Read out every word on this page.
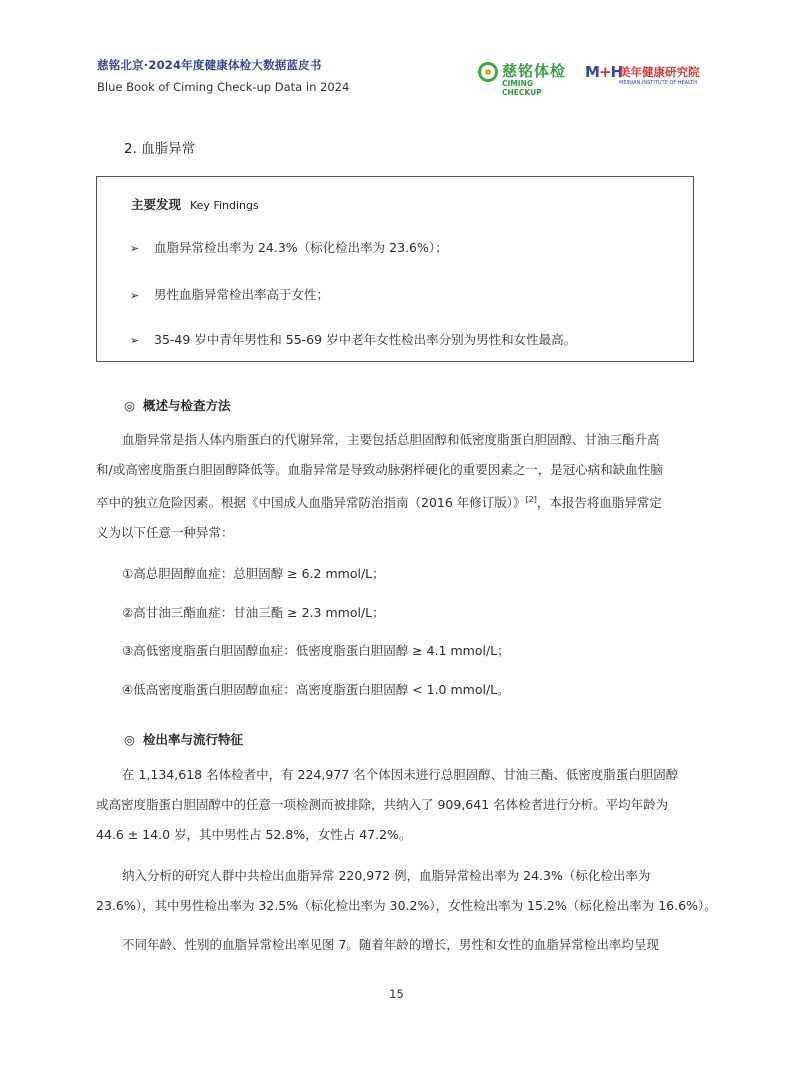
慈铭北京·2024年度健康体检大数据蓝皮书
Blue Book of Ciming Check-up Data in 2024
慈铭体检
CIMING CHECKUP
M+H
美年健康研究院
MEINIAN INSTITUTE OF HEALTH
2. 血脂异常
主要发现 Key Findings
➢ 血脂异常检出率为 24.3%（标化检出率为 23.6%）；
➢ 男性血脂异常检出率高于女性；
➢ 35-49 岁中青年男性和 55-69 岁中老年女性检出率分别为男性和女性最高。
◎ 概述与检查方法
血脂异常是指人体内脂蛋白的代谢异常，主要包括总胆固醇和低密度脂蛋白胆固醇、甘油三酯升高
和/或高密度脂蛋白胆固醇降低等。血脂异常是导致动脉粥样硬化的重要因素之一，是冠心病和缺血性脑
卒中的独立危险因素。根据《中国成人血脂异常防治指南（2016 年修订版）》[2]，本报告将血脂异常定
义为以下任意一种异常：
①高总胆固醇血症：总胆固醇 ≥ 6.2 mmol/L；
②高甘油三酯血症：甘油三酯 ≥ 2.3 mmol/L；
③高低密度脂蛋白胆固醇血症：低密度脂蛋白胆固醇 ≥ 4.1 mmol/L；
④低高密度脂蛋白胆固醇血症：高密度脂蛋白胆固醇 < 1.0 mmol/L。
◎ 检出率与流行特征
在 1,134,618 名体检者中，有 224,977 名个体因未进行总胆固醇、甘油三酯、低密度脂蛋白胆固醇
或高密度脂蛋白胆固醇中的任意一项检测而被排除，共纳入了 909,641 名体检者进行分析。平均年龄为
44.6 ± 14.0 岁，其中男性占 52.8%，女性占 47.2%。
纳入分析的研究人群中共检出血脂异常 220,972 例，血脂异常检出率为 24.3%（标化检出率为
23.6%），其中男性检出率为 32.5%（标化检出率为 30.2%），女性检出率为 15.2%（标化检出率为 16.6%）。
不同年龄、性别的血脂异常检出率见图 7。随着年龄的增长，男性和女性的血脂异常检出率均呈现
15
